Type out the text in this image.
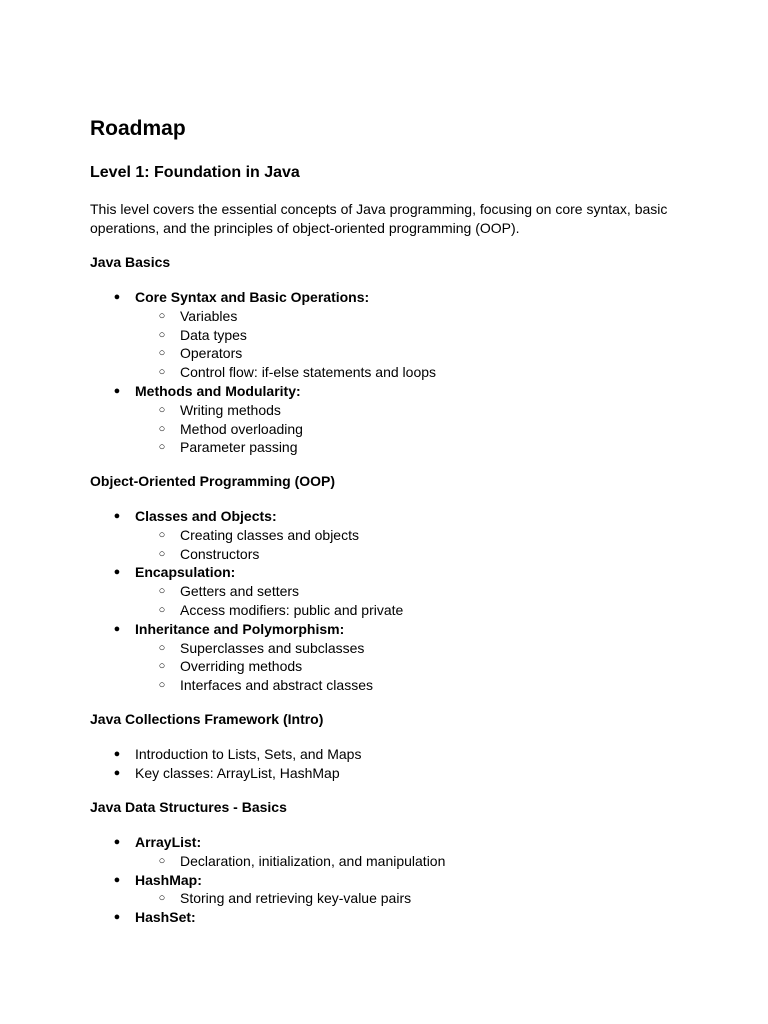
Roadmap
Level 1: Foundation in Java

This level covers the essential concepts of Java programming, focusing on core syntax, basic operations, and the principles of object-oriented programming (OOP).

Java Basics
● Core Syntax and Basic Operations:
○ Variables
○ Data types
○ Operators
○ Control flow: if-else statements and loops
● Methods and Modularity:
○ Writing methods
○ Method overloading
○ Parameter passing
Object-Oriented Programming (OOP)
● Classes and Objects:
○ Creating classes and objects
○ Constructors
● Encapsulation:
○ Getters and setters
○ Access modifiers: public and private
● Inheritance and Polymorphism:
○ Superclasses and subclasses
○ Overriding methods
○ Interfaces and abstract classes
Java Collections Framework (Intro)
● Introduction to Lists, Sets, and Maps
● Key classes: ArrayList, HashMap
Java Data Structures - Basics
● ArrayList:
○ Declaration, initialization, and manipulation
● HashMap:
○ Storing and retrieving key-value pairs
● HashSet:
